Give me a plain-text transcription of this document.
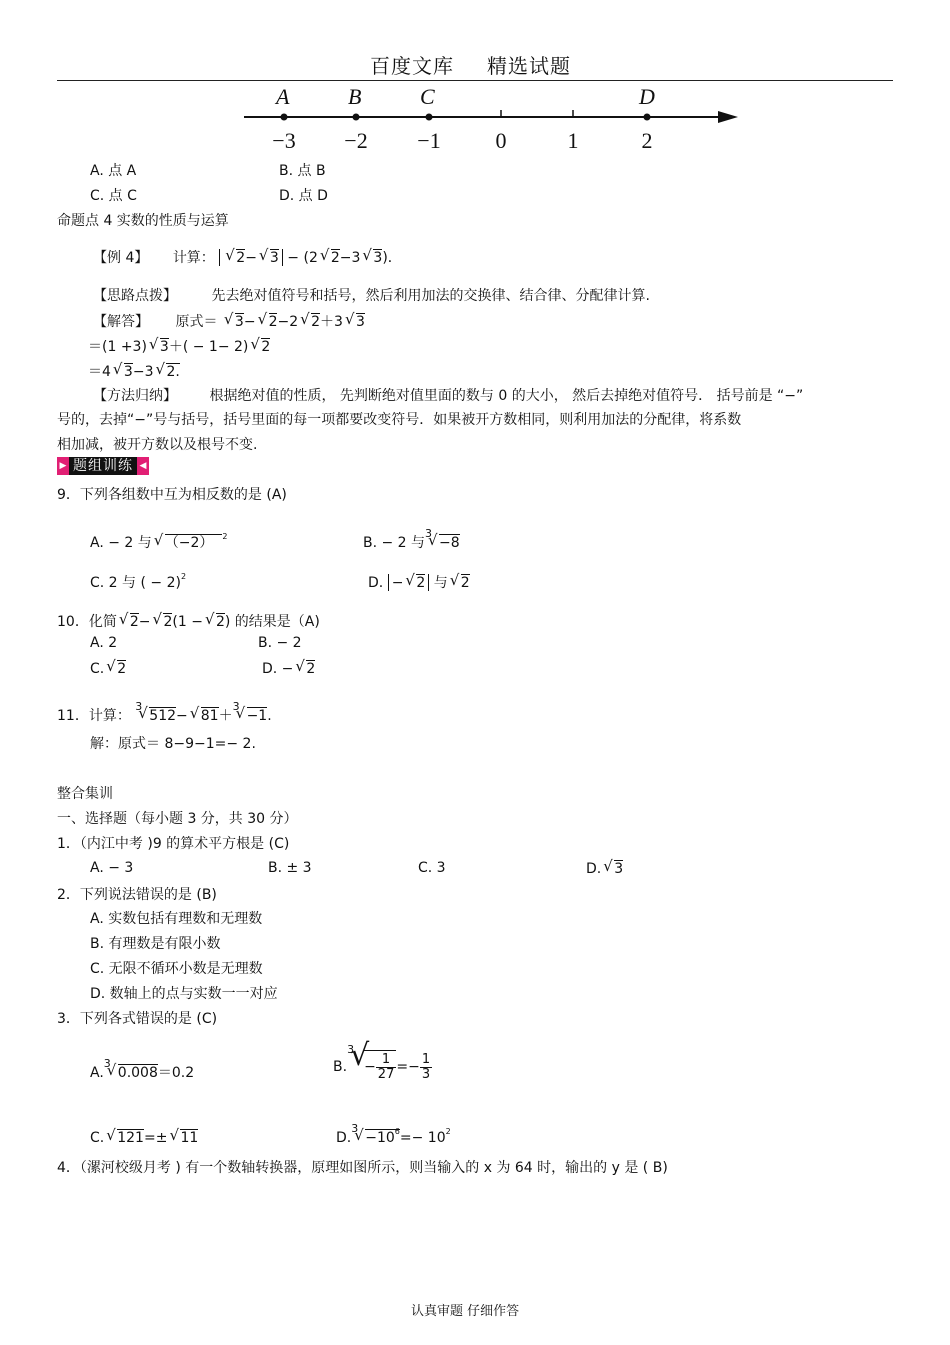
百度文库 精选试题
A	B	C	D
−3 −2 −1 0	1	2
A. 点 A	B. 点 B
C. 点 C	D. 点 D
命题点 4 实数的性质与运算
【例 4】 计算： √ 2− √ 3 − (2 √ 2−3 √ 3)．
【思路点拨】 先去绝对值符号和括号，然后利用加法的交换律、结合律、分配律计算.
【解答】 原式＝ √ 3− √ 2−2 √ 2＋3 √ 3
＝(1 +3) √ 3＋( − 1− 2) √ 2
＝4 √ 3−3 √ 2.
【方法归纳】 根据绝对值的性质， 先判断绝对值里面的数与 0 的大小， 然后去掉绝对值符号． 括号前是 “−”
号的，去掉“−”号与括号，括号里面的每一项都要改变符号．如果被开方数相同，则利用加法的分配律，将系数
相加减，被开方数以及根号不变.
▶ 题组训练 ◀
9．下列各组数中互为相反数的是 (A)
A. − 2 与 √ （−2） $^2$	B. − 2 与$^3$
√
−8
C. 2 与 ( − 2)$^2$	D. − √ 2 与 √ 2
10．化简 √ 2− √ 2(1 − √ 2) 的结果是（A)
A. 2	B. − 2
C. √ 2	D. − √ 2
11．计算： $^3$
√
512− √ 81＋$^3$
√
−1.
解：原式＝ 8−9−1=− 2.
整合集训
一、选择题（每小题 3 分，共 30 分）
1．（内江中考 )9 的算术平方根是 (C)
A. − 3	B. ± 3	C. 3	D. √ 3
2．下列说法错误的是 (B)
A. 实数包括有理数和无理数
B. 有理数是有限小数
C. 无限不循环小数是无理数
D. 数轴上的点与实数一一对应
3．下列各式错误的是 (C)
A.$^3$
√
0.008＝0.2	B.$^3$
√
− $\frac{1}{27} =- \frac{1}{3}$
C. √ 121=± √ 11	D.$^3$
√
$-10^6=- 10^2$
4．（漯河校级月考 ) 有一个数轴转换器，原理如图所示，则当输入的 x 为 64 时，输出的 y 是 ( B)
认真审题 仔细作答
